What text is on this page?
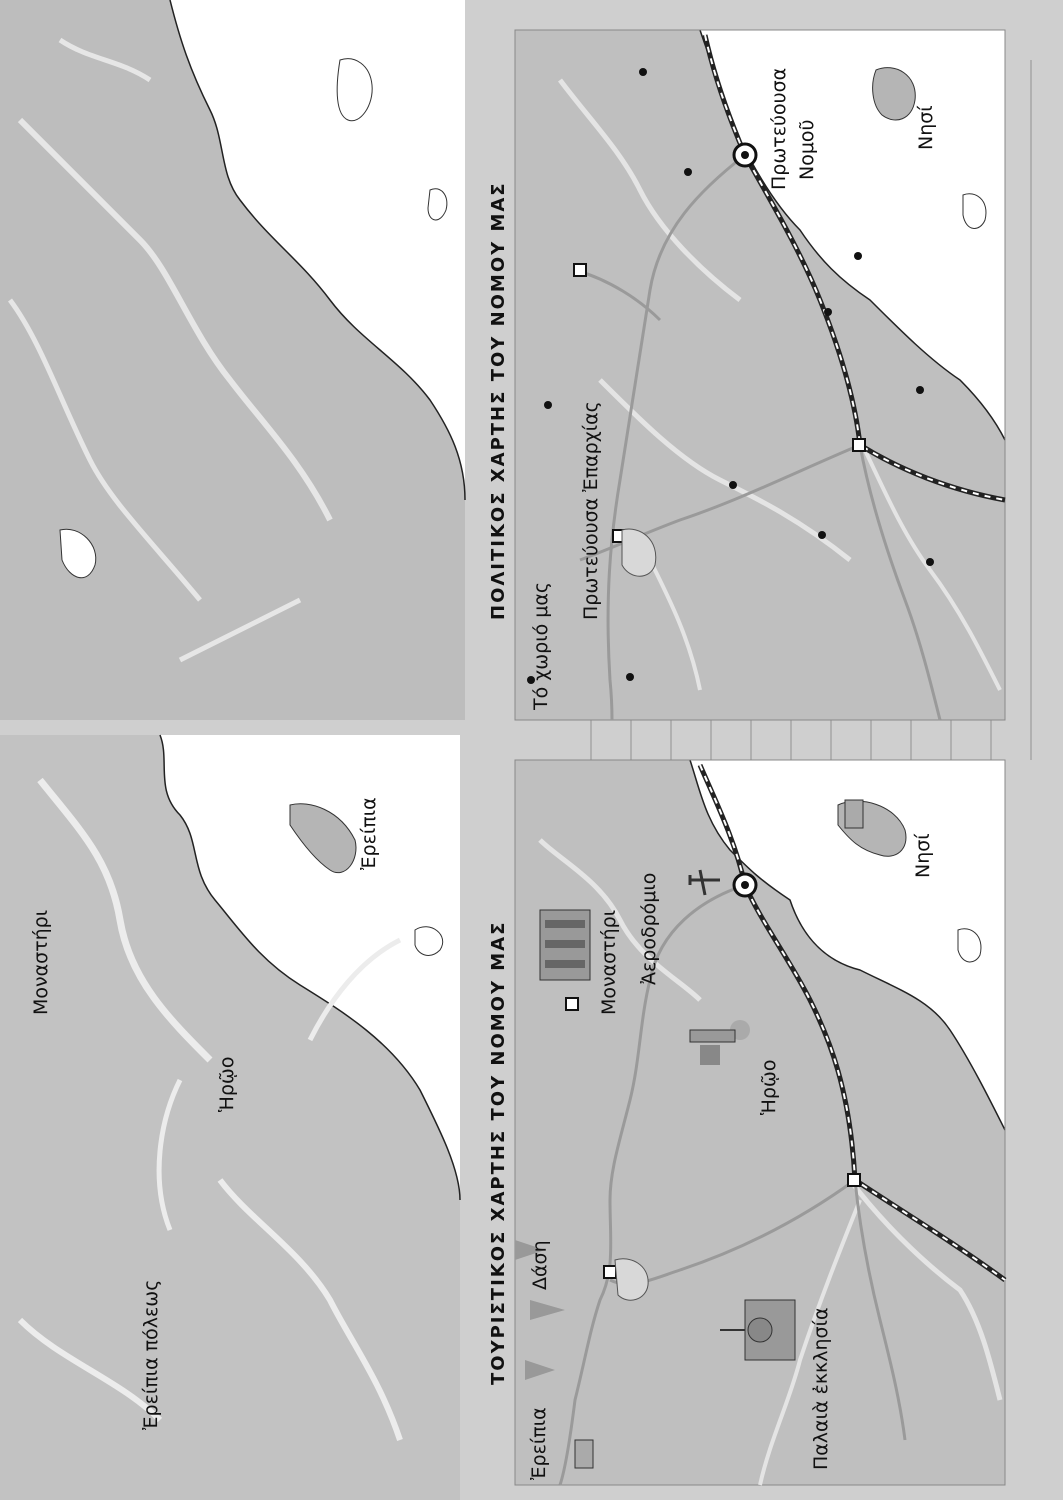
Ἐρείπια πόλεως
Ἡρῷο
Μοναστήρι
Ἐρείπια
ΤΟΥΡΙΣΤΙΚΟΣ ΧΑΡΤΗΣ ΤΟΥ ΝΟΜΟΥ ΜΑΣ
Ἐρείπια
Δάση
Παλαιὰ ἐκκλησία
Ἡρῷο
Μοναστήρι Ἀεροδρόμιο
Νησί
ΠΟΛΙΤΙΚΟΣ ΧΑΡΤΗΣ ΤΟΥ ΝΟΜΟΥ ΜΑΣ
Τό χωριό μας
Πρωτεύουσα Ἐπαρχίας
Πρωτεύουσα Νομοῦ	Νησί
